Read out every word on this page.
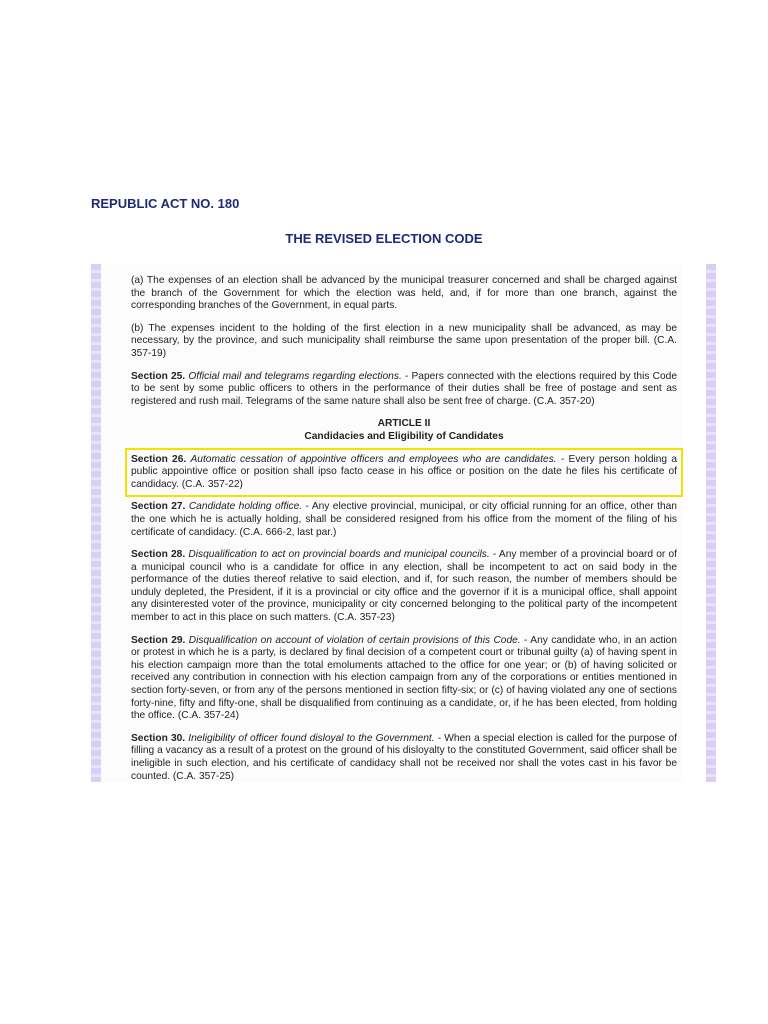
REPUBLIC ACT NO. 180
THE REVISED ELECTION CODE

(a) The expenses of an election shall be advanced by the municipal treasurer concerned and shall be charged against the branch of the Government for which the election was held, and, if for more than one branch, against the corresponding branches of the Government, in equal parts.

(b) The expenses incident to the holding of the first election in a new municipality shall be advanced, as may be necessary, by the province, and such municipality shall reimburse the same upon presentation of the proper bill. (C.A. 357-19)

Section 25. Official mail and telegrams regarding elections. - Papers connected with the elections required by this Code to be sent by some public officers to others in the performance of their duties shall be free of postage and sent as registered and rush mail. Telegrams of the same nature shall also be sent free of charge. (C.A. 357-20)

ARTICLE II
Candidacies and Eligibility of Candidates

Section 26. Automatic cessation of appointive officers and employees who are candidates. - Every person holding a public appointive office or position shall ipso facto cease in his office or position on the date he files his certificate of candidacy. (C.A. 357-22)

Section 27. Candidate holding office. - Any elective provincial, municipal, or city official running for an office, other than the one which he is actually holding, shall be considered resigned from his office from the moment of the filing of his certificate of candidacy. (C.A. 666-2, last par.)

Section 28. Disqualification to act on provincial boards and municipal councils. - Any member of a provincial board or of a municipal council who is a candidate for office in any election, shall be incompetent to act on said body in the performance of the duties thereof relative to said election, and if, for such reason, the number of members should be unduly depleted, the President, if it is a provincial or city office and the governor if it is a municipal office, shall appoint any disinterested voter of the province, municipality or city concerned belonging to the political party of the incompetent member to act in this place on such matters. (C.A. 357-23)

Section 29. Disqualification on account of violation of certain provisions of this Code. - Any candidate who, in an action or protest in which he is a party, is declared by final decision of a competent court or tribunal guilty (a) of having spent in his election campaign more than the total emoluments attached to the office for one year; or (b) of having solicited or received any contribution in connection with his election campaign from any of the corporations or entities mentioned in section forty-seven, or from any of the persons mentioned in section fifty-six; or (c) of having violated any one of sections forty-nine, fifty and fifty-one, shall be disqualified from continuing as a candidate, or, if he has been elected, from holding the office. (C.A. 357-24)

Section 30. Ineligibility of officer found disloyal to the Government. - When a special election is called for the purpose of filling a vacancy as a result of a protest on the ground of his disloyalty to the constituted Government, said officer shall be ineligible in such election, and his certificate of candidacy shall not be received nor shall the votes cast in his favor be counted. (C.A. 357-25)
